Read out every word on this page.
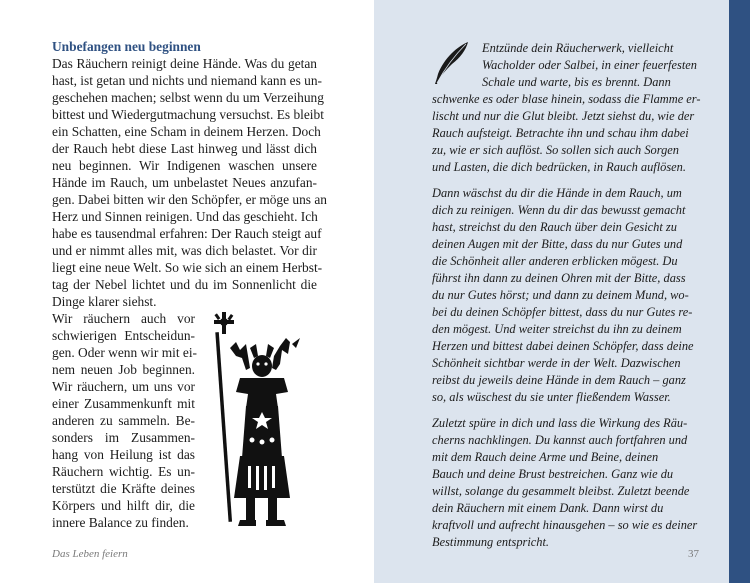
Unbefangen neu beginnen
Das Räuchern reinigt deine Hände. Was du getan
hast, ist getan und nichts und niemand kann es un-
geschehen machen; selbst wenn du um Verzeihung
bittest und Wiedergutmachung versuchst. Es bleibt
ein Schatten, eine Scham in deinem Herzen. Doch
der Rauch hebt diese Last hinweg und lässt dich
neu beginnen. Wir Indigenen waschen unsere
Hände im Rauch, um unbelastet Neues anzufan-
gen. Dabei bitten wir den Schöpfer, er möge uns an
Herz und Sinnen reinigen. Und das geschieht. Ich
habe es tausendmal erfahren: Der Rauch steigt auf
und er nimmt alles mit, was dich belastet. Vor dir
liegt eine neue Welt. So wie sich an einem Herbst-
tag der Nebel lichtet und du im Sonnenlicht die
Dinge klarer siehst.
Wir räuchern auch vor
schwierigen Entscheidun-
gen. Oder wenn wir mit ei-
nem neuen Job beginnen.
Wir räuchern, um uns vor
einer Zusammenkunft mit
anderen zu sammeln. Be-
sonders im Zusammen-
hang von Heilung ist das
Räuchern wichtig. Es un-
terstützt die Kräfte deines
Körpers und hilft dir, die
innere Balance zu finden.
Das Leben feiern
Entzünde dein Räucherwerk, vielleicht
Wacholder oder Salbei, in einer feuerfesten
Schale und warte, bis es brennt. Dann
schwenke es oder blase hinein, sodass die Flamme er-
lischt und nur die Glut bleibt. Jetzt siehst du, wie der
Rauch aufsteigt. Betrachte ihn und schau ihm dabei
zu, wie er sich auflöst. So sollen sich auch Sorgen
und Lasten, die dich bedrücken, in Rauch auflösen.
Dann wäschst du dir die Hände in dem Rauch, um
dich zu reinigen. Wenn du dir das bewusst gemacht
hast, streichst du den Rauch über dein Gesicht zu
deinen Augen mit der Bitte, dass du nur Gutes und
die Schönheit aller anderen erblicken mögest. Du
führst ihn dann zu deinen Ohren mit der Bitte, dass
du nur Gutes hörst; und dann zu deinem Mund, wo-
bei du deinen Schöpfer bittest, dass du nur Gutes re-
den mögest. Und weiter streichst du ihn zu deinem
Herzen und bittest dabei deinen Schöpfer, dass deine
Schönheit sichtbar werde in der Welt. Dazwischen
reibst du jeweils deine Hände in dem Rauch – ganz
so, als wüschest du sie unter fließendem Wasser.
Zuletzt spüre in dich und lass die Wirkung des Räu-
cherns nachklingen. Du kannst auch fortfahren und
mit dem Rauch deine Arme und Beine, deinen
Bauch und deine Brust bestreichen. Ganz wie du
willst, solange du gesammelt bleibst. Zuletzt beende
dein Räuchern mit einem Dank. Dann wirst du
kraftvoll und aufrecht hinausgehen – so wie es deiner
Bestimmung entspricht.
37
